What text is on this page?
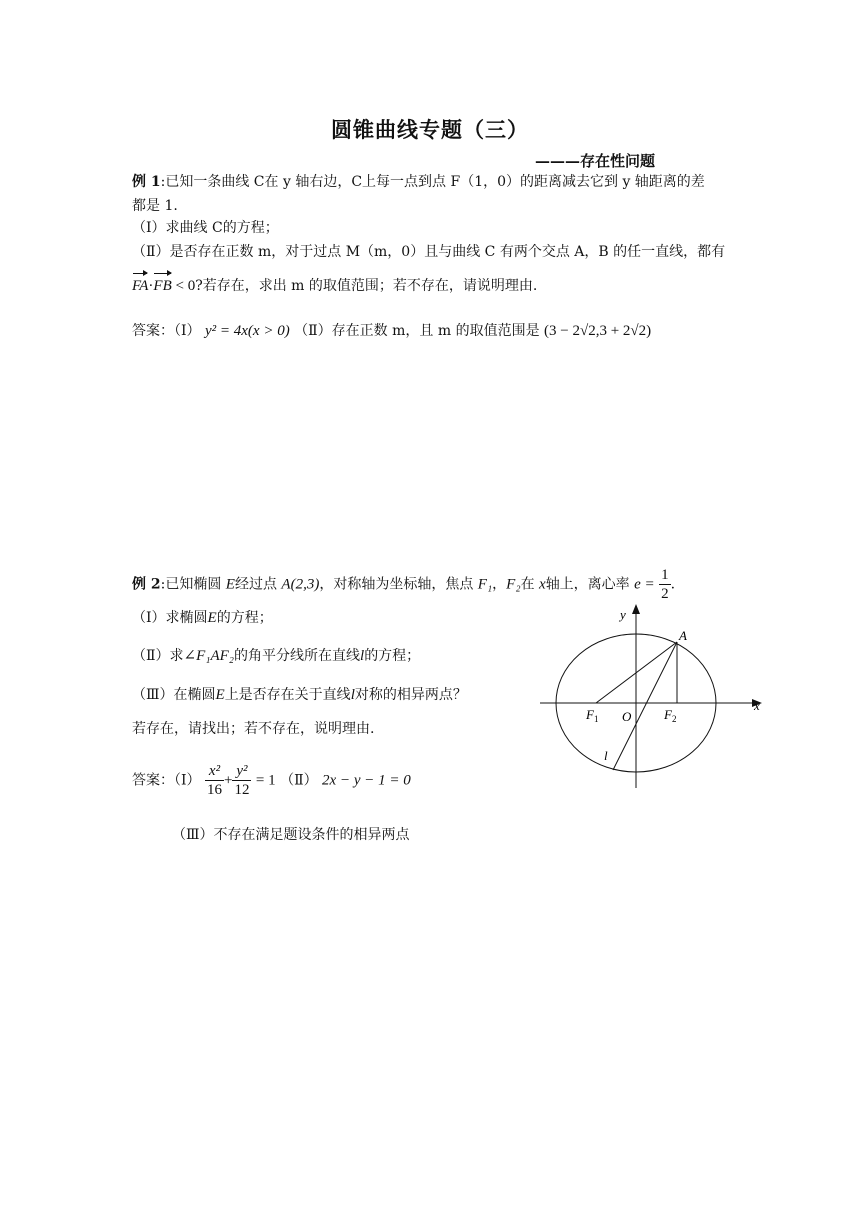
圆锥曲线专题（三）
———存在性问题
例 1:已知一条曲线 C在 y 轴右边，C上每一点到点 F（1，0）的距离减去它到 y 轴距离的差
都是 1.
（Ⅰ）求曲线 C的方程；
（Ⅱ）是否存在正数 m，对于过点 M（m，0）且与曲线 C 有两个交点 A，B 的任一直线，都有
FA·FB < 0?若存在，求出 m 的取值范围；若不存在，请说明理由.
答案：（Ⅰ） y² = 4x(x > 0) （Ⅱ）存在正数 m，且 m 的取值范围是 (3 − 2√2,3 + 2√2)
例 2:已知椭圆 E经过点 A(2,3)，对称轴为坐标轴，焦点 F₁，F₂在 x轴上，离心率 $e = \frac{1}{2}$ .
（Ⅰ）求椭圆E的方程；
（Ⅱ）求∠F₁AF₂的角平分线所在直线l的方程；
（Ⅲ）在椭圆E上是否存在关于直线l对称的相异两点？
若存在，请找出；若不存在，说明理由.
答案：（Ⅰ） $\frac{\text{x²}}{16} + \frac{\text{y²}}{12} = 1$ （Ⅱ） 2x − y − 1 = 0
（Ⅲ）不存在满足题设条件的相异两点
y
x
A
F 1 O	F 2
l
